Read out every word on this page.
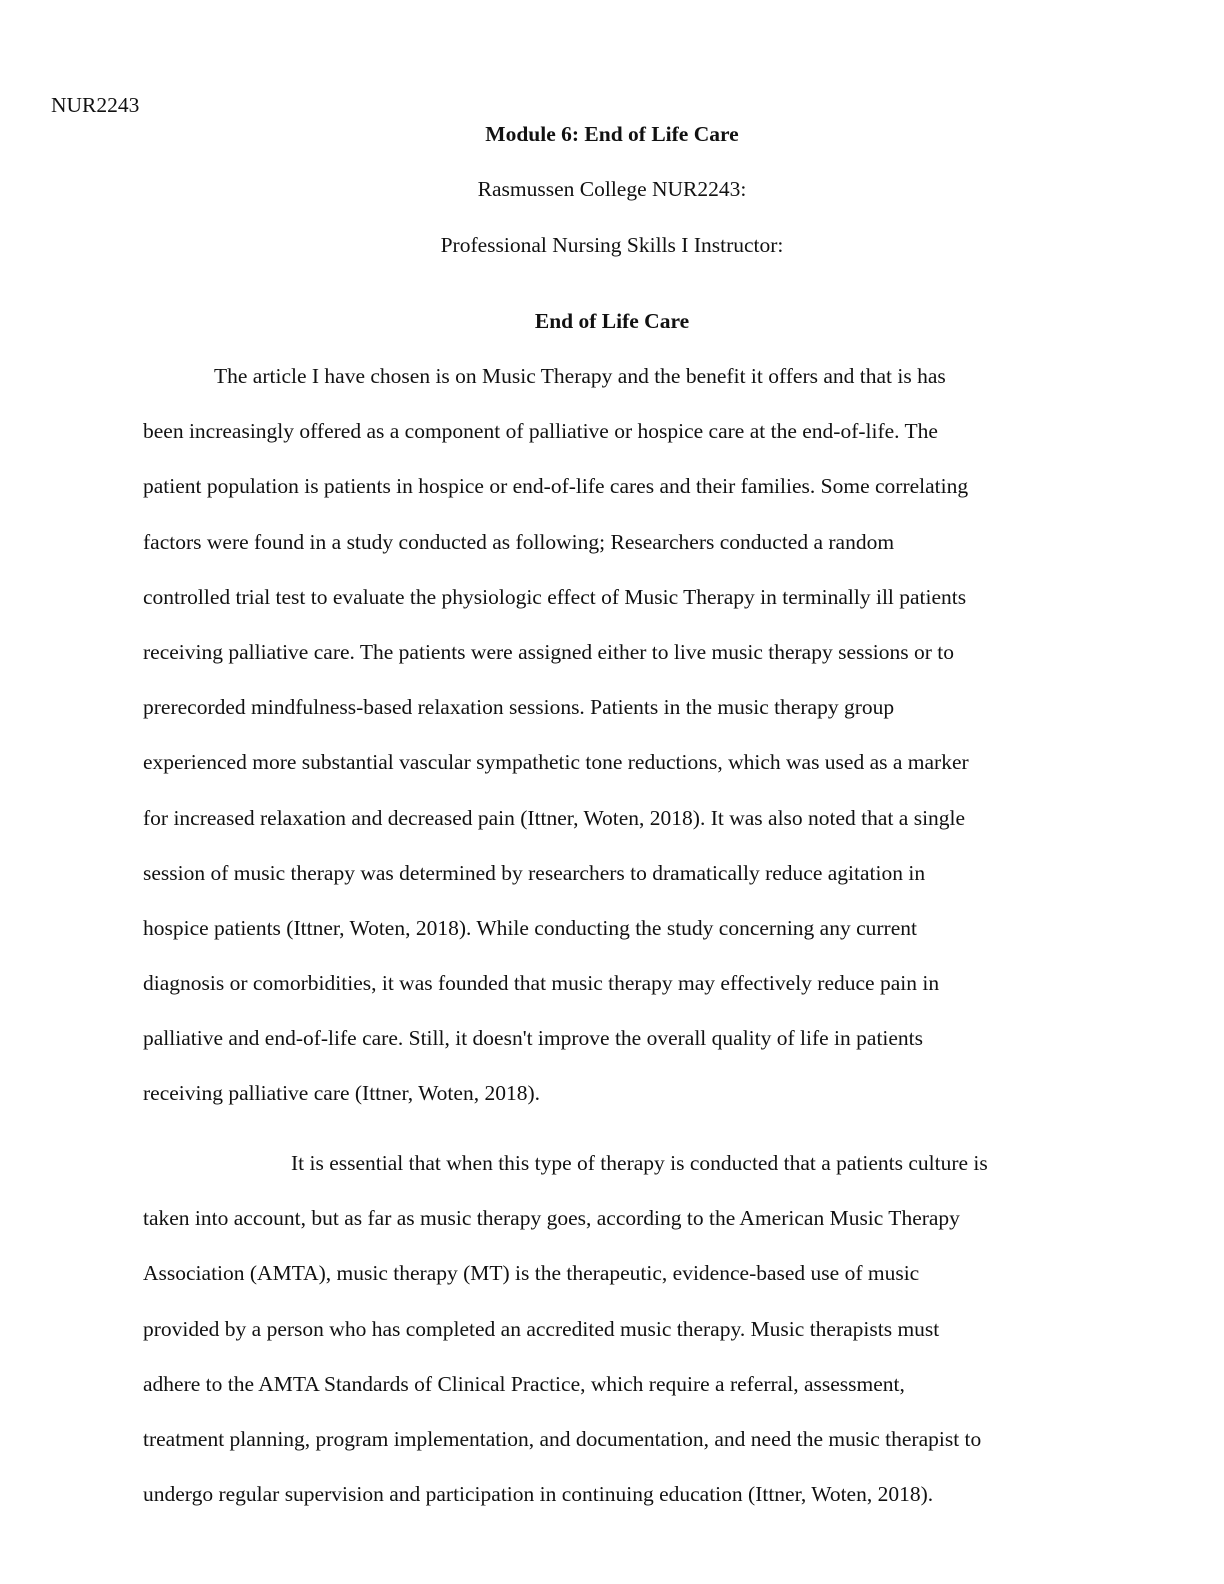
NUR2243

Module 6: End of Life Care

Rasmussen College NUR2243:

Professional Nursing Skills I Instructor:

End of Life Care

The article I have chosen is on Music Therapy and the benefit it offers and that is has
been increasingly offered as a component of palliative or hospice care at the end-of-life. The
patient population is patients in hospice or end-of-life cares and their families. Some correlating
factors were found in a study conducted as following; Researchers conducted a random
controlled trial test to evaluate the physiologic effect of Music Therapy in terminally ill patients
receiving palliative care. The patients were assigned either to live music therapy sessions or to
prerecorded mindfulness-based relaxation sessions. Patients in the music therapy group
experienced more substantial vascular sympathetic tone reductions, which was used as a marker
for increased relaxation and decreased pain (Ittner, Woten, 2018). It was also noted that a single
session of music therapy was determined by researchers to dramatically reduce agitation in
hospice patients (Ittner, Woten, 2018). While conducting the study concerning any current
diagnosis or comorbidities, it was founded that music therapy may effectively reduce pain in
palliative and end-of-life care. Still, it doesn't improve the overall quality of life in patients
receiving palliative care (Ittner, Woten, 2018).
It is essential that when this type of therapy is conducted that a patients culture is
taken into account, but as far as music therapy goes, according to the American Music Therapy
Association (AMTA), music therapy (MT) is the therapeutic, evidence-based use of music
provided by a person who has completed an accredited music therapy. Music therapists must
adhere to the AMTA Standards of Clinical Practice, which require a referral, assessment,
treatment planning, program implementation, and documentation, and need the music therapist to
undergo regular supervision and participation in continuing education (Ittner, Woten, 2018).
